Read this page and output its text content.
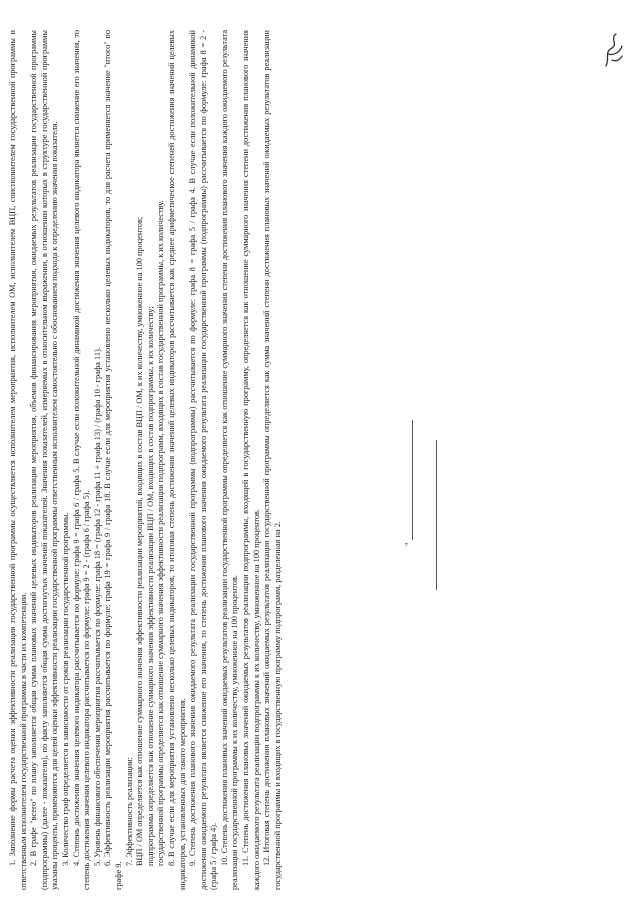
1. Заполнение формы расчета оценки эффективности реализации государственной программы осуществляется исполнителем мероприятия, исполнителем ОМ, исполнителем ВЦП, соисполнителем государственной программы и ответственным исполнителем государственной программы в части их компетенции. 2. В графе "всего" по плану заполняется общая сумма плановых значений целевых индикаторов реализации мероприятия, объемов финансирования мероприятия, ожидаемых результатов реализации государственной программы (подпрограммы) (далее - показатели), по факту заполняется общая сумма достигнутых значений показателей. Значения показателей, измеряемых в относительном выражении, в отношении которых в структуре государственной программы указаны проценты, применяются для целей оценки эффективности реализации государственной программы ответственным исполнителем самостоятельно с обоснованием подхода к определению значения показателя. 3. Количество граф определяется в зависимости от сроков реализации государственной программы. 4. Степень достижения значения целевого индикатора рассчитывается по формуле: графа 9 = графа 6 / графа 5. В случае если положительной динамикой достижения значения целевого индикатора является снижение его значения, то степень достижения значения целевого индикатора рассчитывается по формуле: графа 9 = 2 - (графа 6 / графа 5). 5. Уровень финансового обеспечения мероприятия рассчитывается по формуле: графа 18 = (графа 12 - графа 11 + графа 13) / (графа 10 - графа 11). 6. Эффективность реализации мероприятия рассчитывается по формуле: графа 19 = графа 9 / графа 18. В случае если для мероприятия установлено несколько целевых индикаторов, то для расчета применяется значение "итого" по графе 9.

7. Эффективность реализации: ВЦП / ОМ определяется как отношение суммарного значения эффективности реализации мероприятий, входящих в состав ВЦП / ОМ, к их количеству, умноженное на 100 процентов; подпрограммы определяется как отношение суммарного значения эффективности реализации ВЦП / ОМ, входящих в состав подпрограммы, к их количеству; государственной программы определяется как отношение суммарного значения эффективности реализации подпрограмм, входящих в состав государственной программы, к их количеству. 8. В случае если для мероприятия установлено несколько целевых индикаторов, то итоговая степень достижения значений целевых индикаторов рассчитывается как среднее арифметическое степеней достижения значений целевых индикаторов, установленных для такого мероприятия. 9. Степень достижения планового значения ожидаемого результата реализации государственной программы (подпрограммы) рассчитывается по формуле: графа 8 = графа 5 / графа 4. В случае если положительной динамикой достижения ожидаемого результата является снижение его значения, то степень достижения планового значения ожидаемого результата реализации государственной программы (подпрограммы) рассчитывается по формуле: графа 8 = 2 - (графа 5 / графа 4). 10. Степень достижения плановых значений ожидаемых результатов реализации государственной программы определяется как отношение суммарного значения степени достижения планового значения каждого ожидаемого результата реализации государственной программы к их количеству, умноженное на 100 процентов. 11. Степень достижения плановых значений ожидаемых результатов реализации подпрограммы, входящей в государственную программу, определяется как отношение суммарного значения степени достижения планового значения каждого ожидаемого результата реализации подпрограммы к их количеству, умноженное на 100 процентов. 12. Итоговая степень достижения плановых значений ожидаемых результатов реализации государственной программы определяется как сумма значений степени достижения плановых значений ожидаемых результатов реализации государственной программы и входящих в государственную программу подпрограмм, разделенная на 2.	"
